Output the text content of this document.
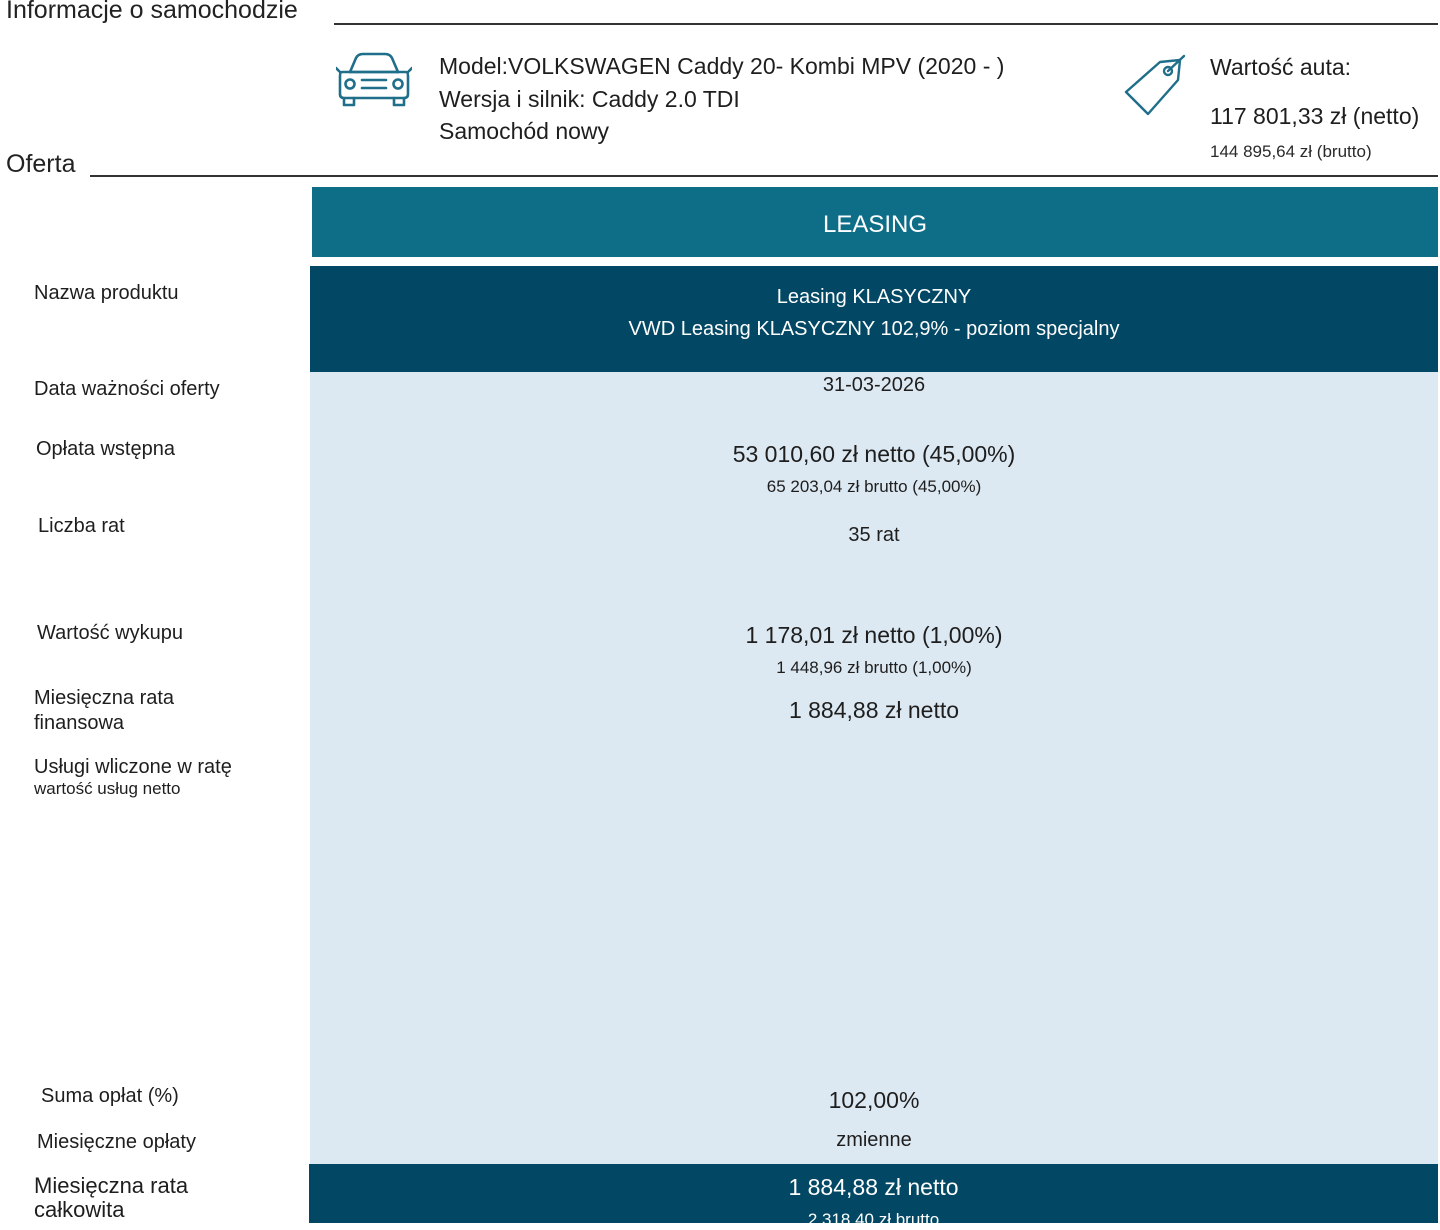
Informacje o samochodzie
Model:VOLKSWAGEN Caddy 20- Kombi MPV (2020 - )
Wersja i silnik: Caddy 2.0 TDI
Samochód nowy
Wartość auta:
117 801,33 zł (netto)
144 895,64 zł (brutto)
Oferta
LEASING
Leasing KLASYCZNY
VWD Leasing KLASYCZNY 102,9% - poziom specjalny
Nazwa produktu
Data ważności oferty
Opłata wstępna
Liczba rat
Wartość wykupu
Miesięczna rata
finansowa
Usługi wliczone w ratę
wartość usług netto
Suma opłat (%)
Miesięczne opłaty
Miesięczna rata
całkowita
31-03-2026
53 010,60 zł netto (45,00%)
65 203,04 zł brutto (45,00%)
35 rat
1 178,01 zł netto (1,00%)
1 448,96 zł brutto (1,00%)
1 884,88 zł netto
102,00%
zmienne
1 884,88 zł netto
2 318,40 zł brutto
